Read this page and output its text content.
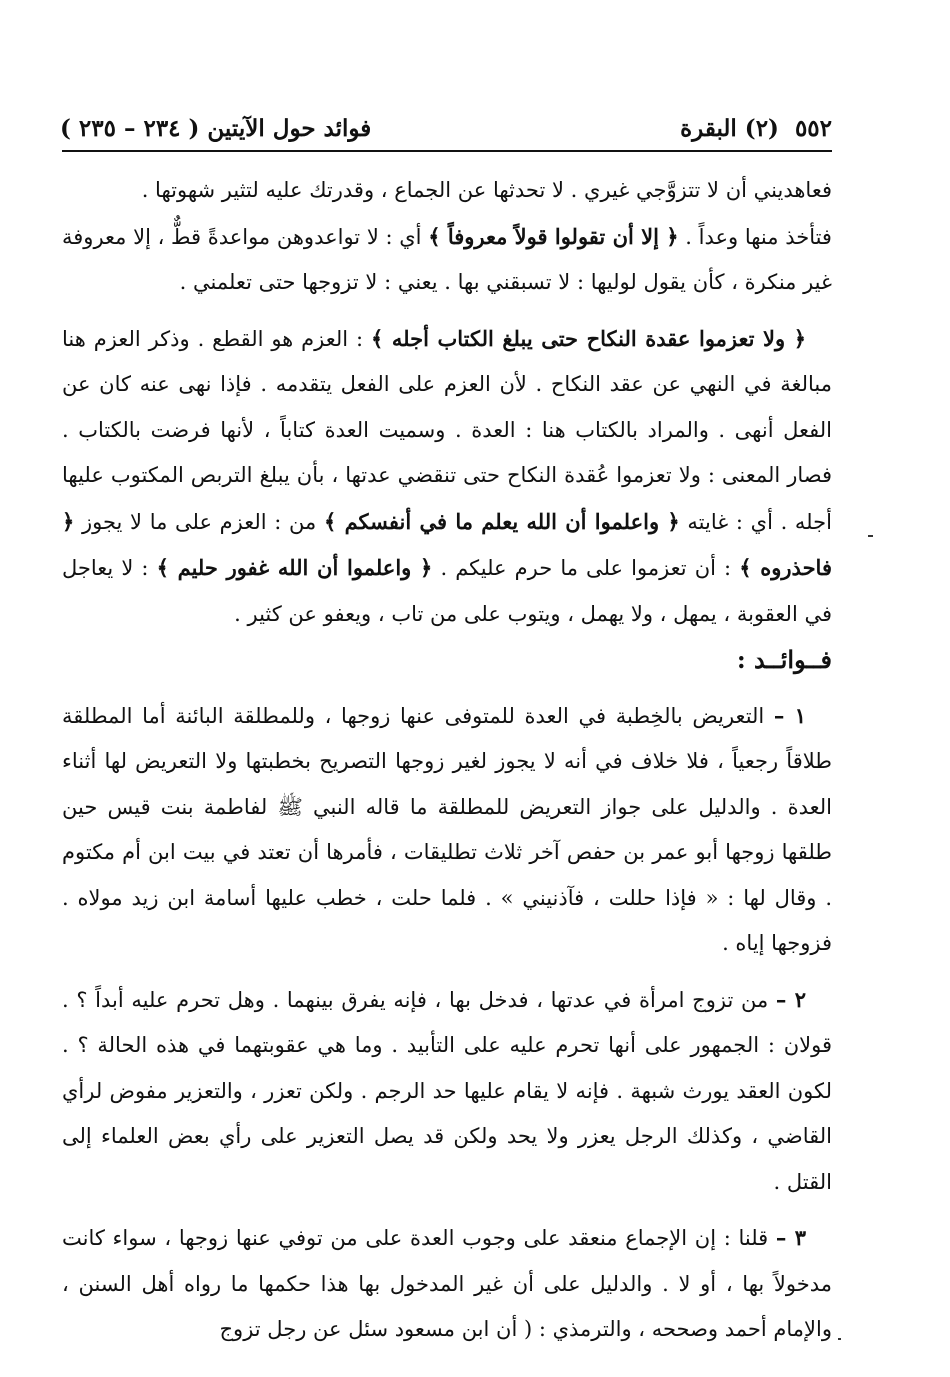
٥٥٢
(٢) البقرة
فوائد حول الآيتين ( ٢٣٤ – ٢٣٥ )

فعاهديني أن لا تتزوَّجي غيري . لا تحدثها عن الجماع ، وقدرتك عليه لتثير شهوتها .

فتأخذ منها وعداً . ﴿ إلا أن تقولوا قولاً معروفاً ﴾ أي : لا تواعدوهن مواعدةً قطٌّ ، إلا معروفة غير منكرة ، كأن يقول لوليها : لا تسبقني بها . يعني : لا تزوجها حتى تعلمني .

﴿ ولا تعزموا عقدة النكاح حتى يبلغ الكتاب أجله ﴾ : العزم هو القطع . وذكر العزم هنا مبالغة في النهي عن عقد النكاح . لأن العزم على الفعل يتقدمه . فإذا نهى عنه كان عن الفعل أنهى . والمراد بالكتاب هنا : العدة . وسميت العدة كتاباً ، لأنها فرضت بالكتاب . فصار المعنى : ولا تعزموا عُقدة النكاح حتى تنقضي عدتها ، بأن يبلغ التربص المكتوب عليها أجله . أي : غايته ﴿ واعلموا أن الله يعلم ما في أنفسكم ﴾ من : العزم على ما لا يجوز ﴿ فاحذروه ﴾ : أن تعزموا على ما حرم عليكم . ﴿ واعلموا أن الله غفور حليم ﴾ : لا يعاجل في العقوبة ، يمهل ، ولا يهمل ، ويتوب على من تاب ، ويعفو عن كثير .

فــوائــد :

١ – التعريض بالخِطبة في العدة للمتوفى عنها زوجها ، وللمطلقة البائنة أما المطلقة طلاقاً رجعياً ، فلا خلاف في أنه لا يجوز لغير زوجها التصريح بخطبتها ولا التعريض لها أثناء العدة . والدليل على جواز التعريض للمطلقة ما قاله النبي ﷺ لفاطمة بنت قيس حين طلقها زوجها أبو عمر بن حفص آخر ثلاث تطليقات ، فأمرها أن تعتد في بيت ابن أم مكتوم . وقال لها : « فإذا حللت ، فآذنيني » . فلما حلت ، خطب عليها أسامة ابن زيد مولاه . فزوجها إياه .

٢ – من تزوج امرأة في عدتها ، فدخل بها ، فإنه يفرق بينهما . وهل تحرم عليه أبداً ؟ . قولان : الجمهور على أنها تحرم عليه على التأبيد . وما هي عقوبتهما في هذه الحالة ؟ . لكون العقد يورث شبهة . فإنه لا يقام عليها حد الرجم . ولكن تعزر ، والتعزير مفوض لرأي القاضي ، وكذلك الرجل يعزر ولا يحد ولكن قد يصل التعزير على رأي بعض العلماء إلى القتل .

٣ – قلنا : إن الإجماع منعقد على وجوب العدة على من توفي عنها زوجها ، سواء كانت مدخولاً بها ، أو لا . والدليل على أن غير المدخول بها هذا حكمها ما رواه أهل السنن ، والإمام أحمد وصححه ، والترمذي : ( أن ابن مسعود سئل عن رجل تزوج
